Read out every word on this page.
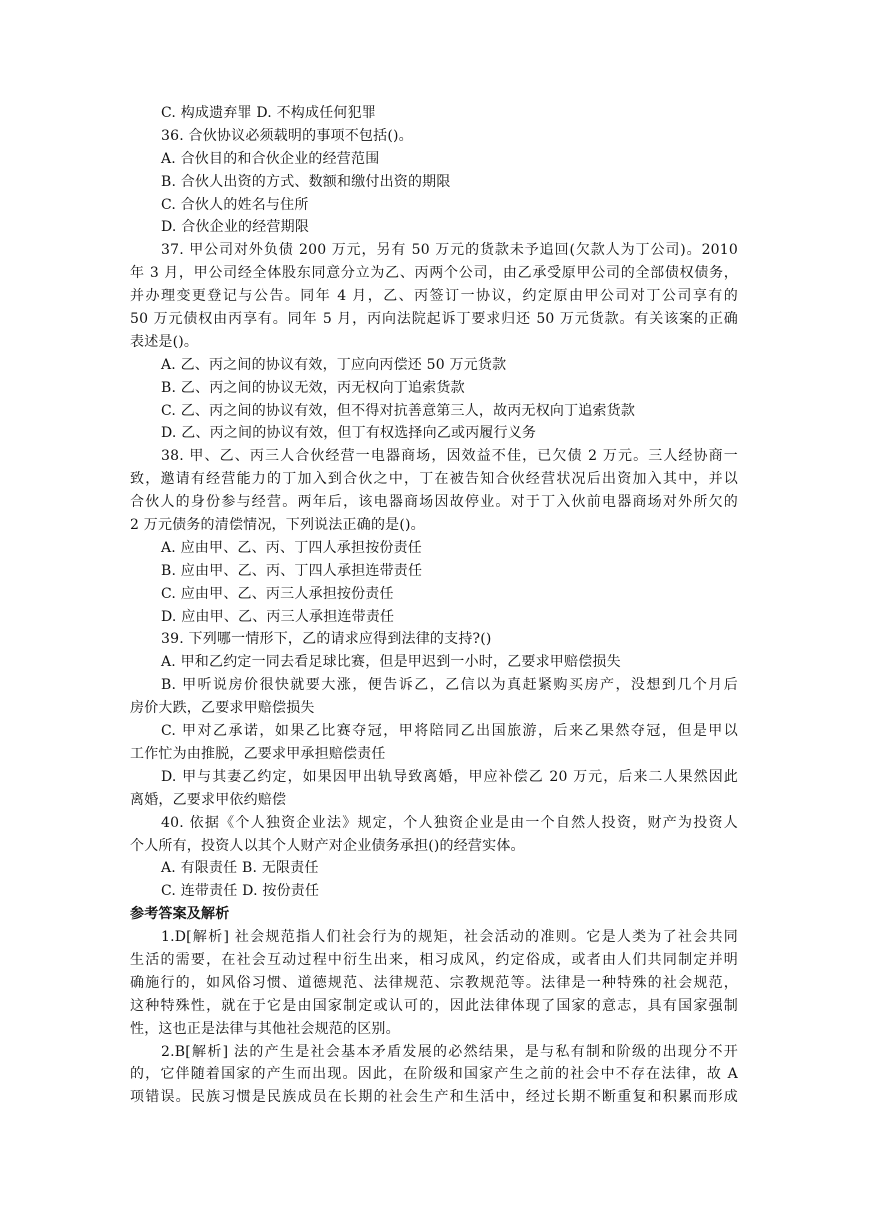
C. 构成遗弃罪 D. 不构成任何犯罪
36. 合伙协议必须载明的事项不包括()。
A. 合伙目的和合伙企业的经营范围
B. 合伙人出资的方式、数额和缴付出资的期限
C. 合伙人的姓名与住所
D. 合伙企业的经营期限
37. 甲公司对外负债 200 万元，另有 50 万元的货款未予追回(欠款人为丁公司)。2010
年 3 月，甲公司经全体股东同意分立为乙、丙两个公司，由乙承受原甲公司的全部债权债务，
并办理变更登记与公告。同年 4 月，乙、丙签订一协议，约定原由甲公司对丁公司享有的
50 万元债权由丙享有。同年 5 月，丙向法院起诉丁要求归还 50 万元货款。有关该案的正确
表述是()。
A. 乙、丙之间的协议有效，丁应向丙偿还 50 万元货款
B. 乙、丙之间的协议无效，丙无权向丁追索货款
C. 乙、丙之间的协议有效，但不得对抗善意第三人，故丙无权向丁追索货款
D. 乙、丙之间的协议有效，但丁有权选择向乙或丙履行义务
38. 甲、乙、丙三人合伙经营一电器商场，因效益不佳，已欠债 2 万元。三人经协商一
致，邀请有经营能力的丁加入到合伙之中，丁在被告知合伙经营状况后出资加入其中，并以
合伙人的身份参与经营。两年后，该电器商场因故停业。对于丁入伙前电器商场对外所欠的
2 万元债务的清偿情况，下列说法正确的是()。
A. 应由甲、乙、丙、丁四人承担按份责任
B. 应由甲、乙、丙、丁四人承担连带责任
C. 应由甲、乙、丙三人承担按份责任
D. 应由甲、乙、丙三人承担连带责任
39. 下列哪一情形下，乙的请求应得到法律的支持?()
A. 甲和乙约定一同去看足球比赛，但是甲迟到一小时，乙要求甲赔偿损失
B. 甲听说房价很快就要大涨，便告诉乙，乙信以为真赶紧购买房产，没想到几个月后
房价大跌，乙要求甲赔偿损失
C. 甲对乙承诺，如果乙比赛夺冠，甲将陪同乙出国旅游，后来乙果然夺冠，但是甲以
工作忙为由推脱，乙要求甲承担赔偿责任
D. 甲与其妻乙约定，如果因甲出轨导致离婚，甲应补偿乙 20 万元，后来二人果然因此
离婚，乙要求甲依约赔偿
40. 依据《个人独资企业法》规定，个人独资企业是由一个自然人投资，财产为投资人
个人所有，投资人以其个人财产对企业债务承担()的经营实体。
A. 有限责任 B. 无限责任
C. 连带责任 D. 按份责任
参考答案及解析
1.D[解析] 社会规范指人们社会行为的规矩，社会活动的准则。它是人类为了社会共同
生活的需要，在社会互动过程中衍生出来，相习成风，约定俗成，或者由人们共同制定并明
确施行的，如风俗习惯、道德规范、法律规范、宗教规范等。法律是一种特殊的社会规范，
这种特殊性，就在于它是由国家制定或认可的，因此法律体现了国家的意志，具有国家强制
性，这也正是法律与其他社会规范的区别。
2.B[解析] 法的产生是社会基本矛盾发展的必然结果，是与私有制和阶级的出现分不开
的，它伴随着国家的产生而出现。因此，在阶级和国家产生之前的社会中不存在法律，故 A
项错误。民族习惯是民族成员在长期的社会生产和生活中，经过长期不断重复和积累而形成
